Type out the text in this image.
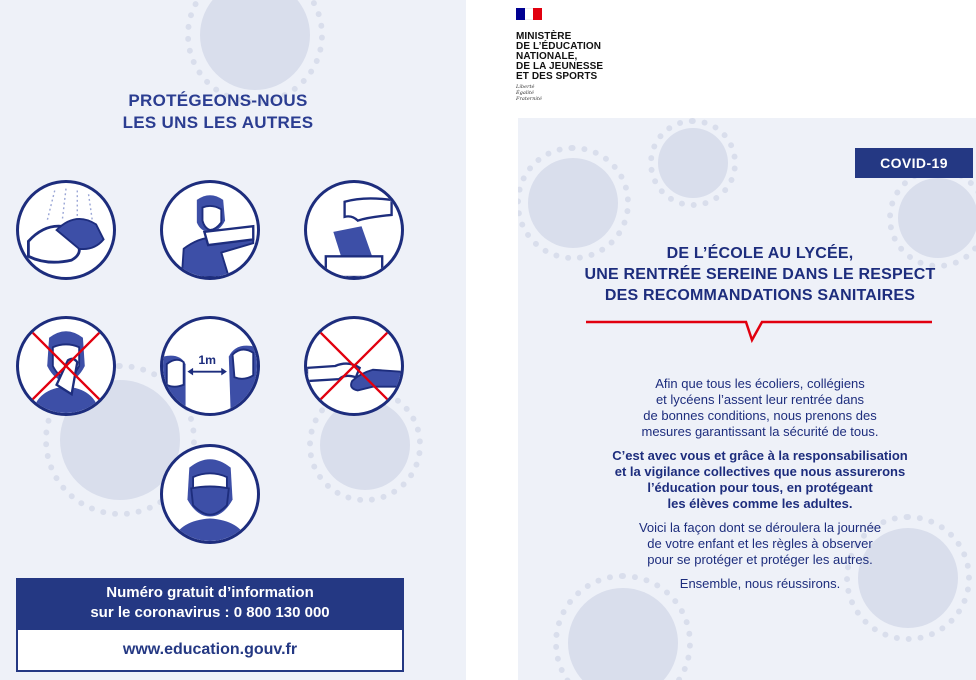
PROTÉGEONS-NOUS
LES UNS LES AUTRES
1m
Numéro gratuit d’information
sur le coronavirus : 0 800 130 000
www.education.gouv.fr
MINISTÈRE
DE L’ÉDUCATION
NATIONALE,
DE LA JEUNESSE
ET DES SPORTS
Liberté
Égalité
Fraternité
COVID-19
DE L’ÉCOLE AU LYCÉE,
UNE RENTRÉE SEREINE DANS LE RESPECT
DES RECOMMANDATIONS SANITAIRES

Afin que tous les écoliers, collégiens
et lycéens l’assent leur rentrée dans
de bonnes conditions, nous prenons des
mesures garantissant la sécurité de tous.

C’est avec vous et grâce à la responsabilisation
et la vigilance collectives que nous assurerons
l’éducation pour tous, en protégeant
les élèves comme les adultes.

Voici la façon dont se déroulera la journée
de votre enfant et les règles à observer
pour se protéger et protéger les autres.

Ensemble, nous réussirons.
